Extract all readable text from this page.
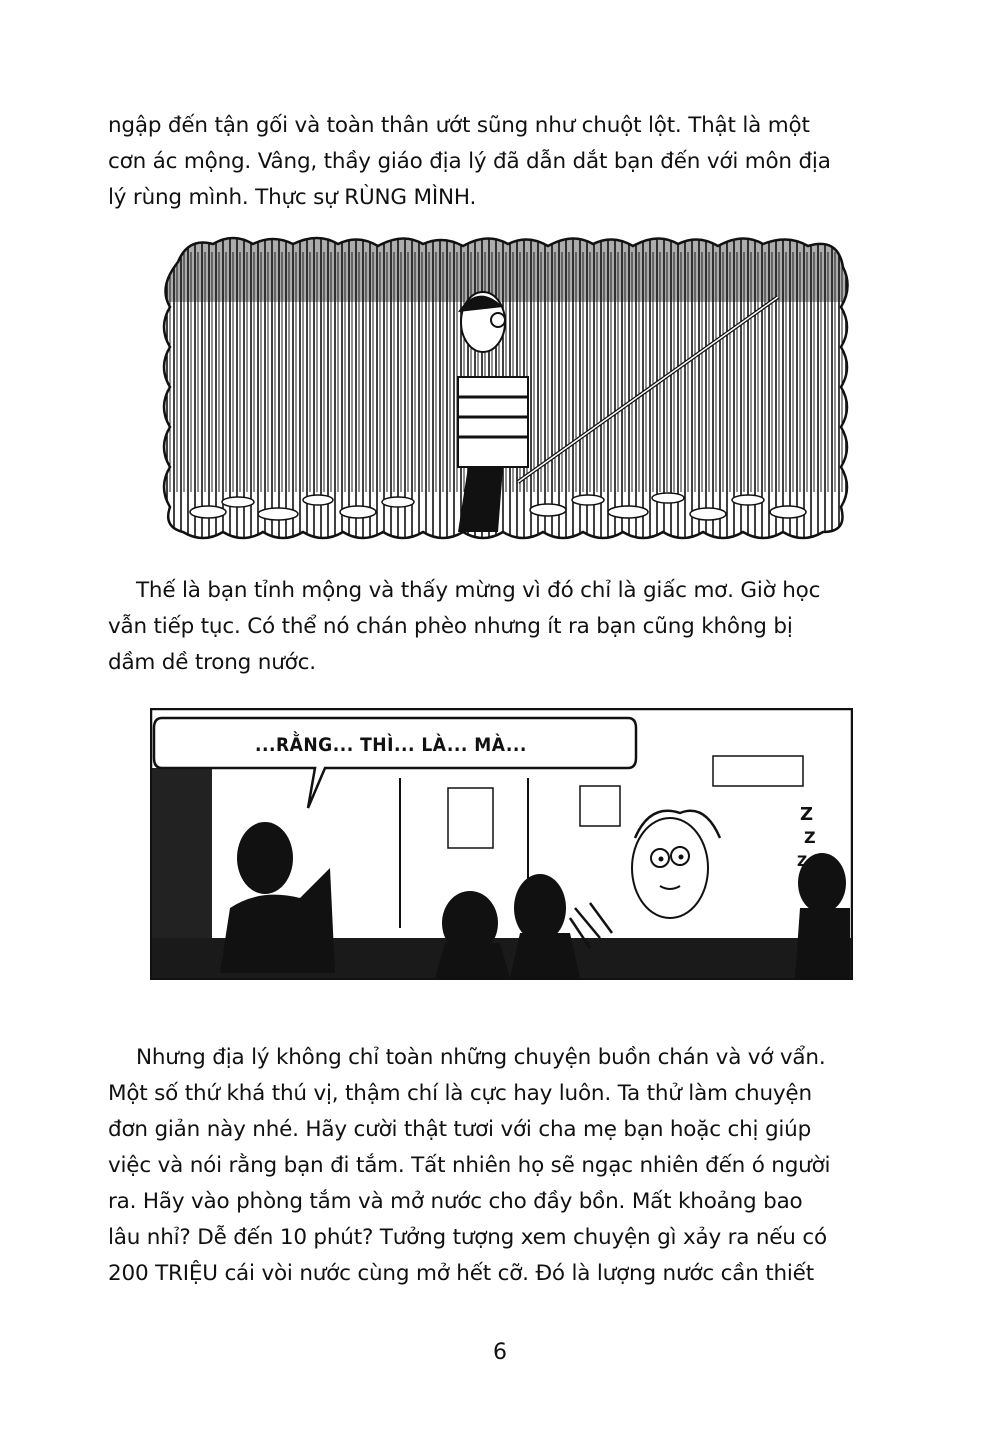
ngập đến tận gối và toàn thân ướt sũng như chuột lột. Thật là một
cơn ác mộng. Vâng, thầy giáo địa lý đã dẫn dắt bạn đến với môn địa
lý rùng mình. Thực sự RÙNG MÌNH.
Thế là bạn tỉnh mộng và thấy mừng vì đó chỉ là giấc mơ. Giờ học
vẫn tiếp tục. Có thể nó chán phèo nhưng ít ra bạn cũng không bị
dầm dề trong nước.
Z
Z
Z
...RẰNG... THÌ... LÀ... MÀ...
Nhưng địa lý không chỉ toàn những chuyện buồn chán và vớ vẩn.
Một số thứ khá thú vị, thậm chí là cực hay luôn. Ta thử làm chuyện
đơn giản này nhé. Hãy cười thật tươi với cha mẹ bạn hoặc chị giúp
việc và nói rằng bạn đi tắm. Tất nhiên họ sẽ ngạc nhiên đến ó người
ra. Hãy vào phòng tắm và mở nước cho đầy bồn. Mất khoảng bao
lâu nhỉ? Dễ đến 10 phút? Tưởng tượng xem chuyện gì xảy ra nếu có
200 TRIỆU cái vòi nước cùng mở hết cỡ. Đó là lượng nước cần thiết
6
